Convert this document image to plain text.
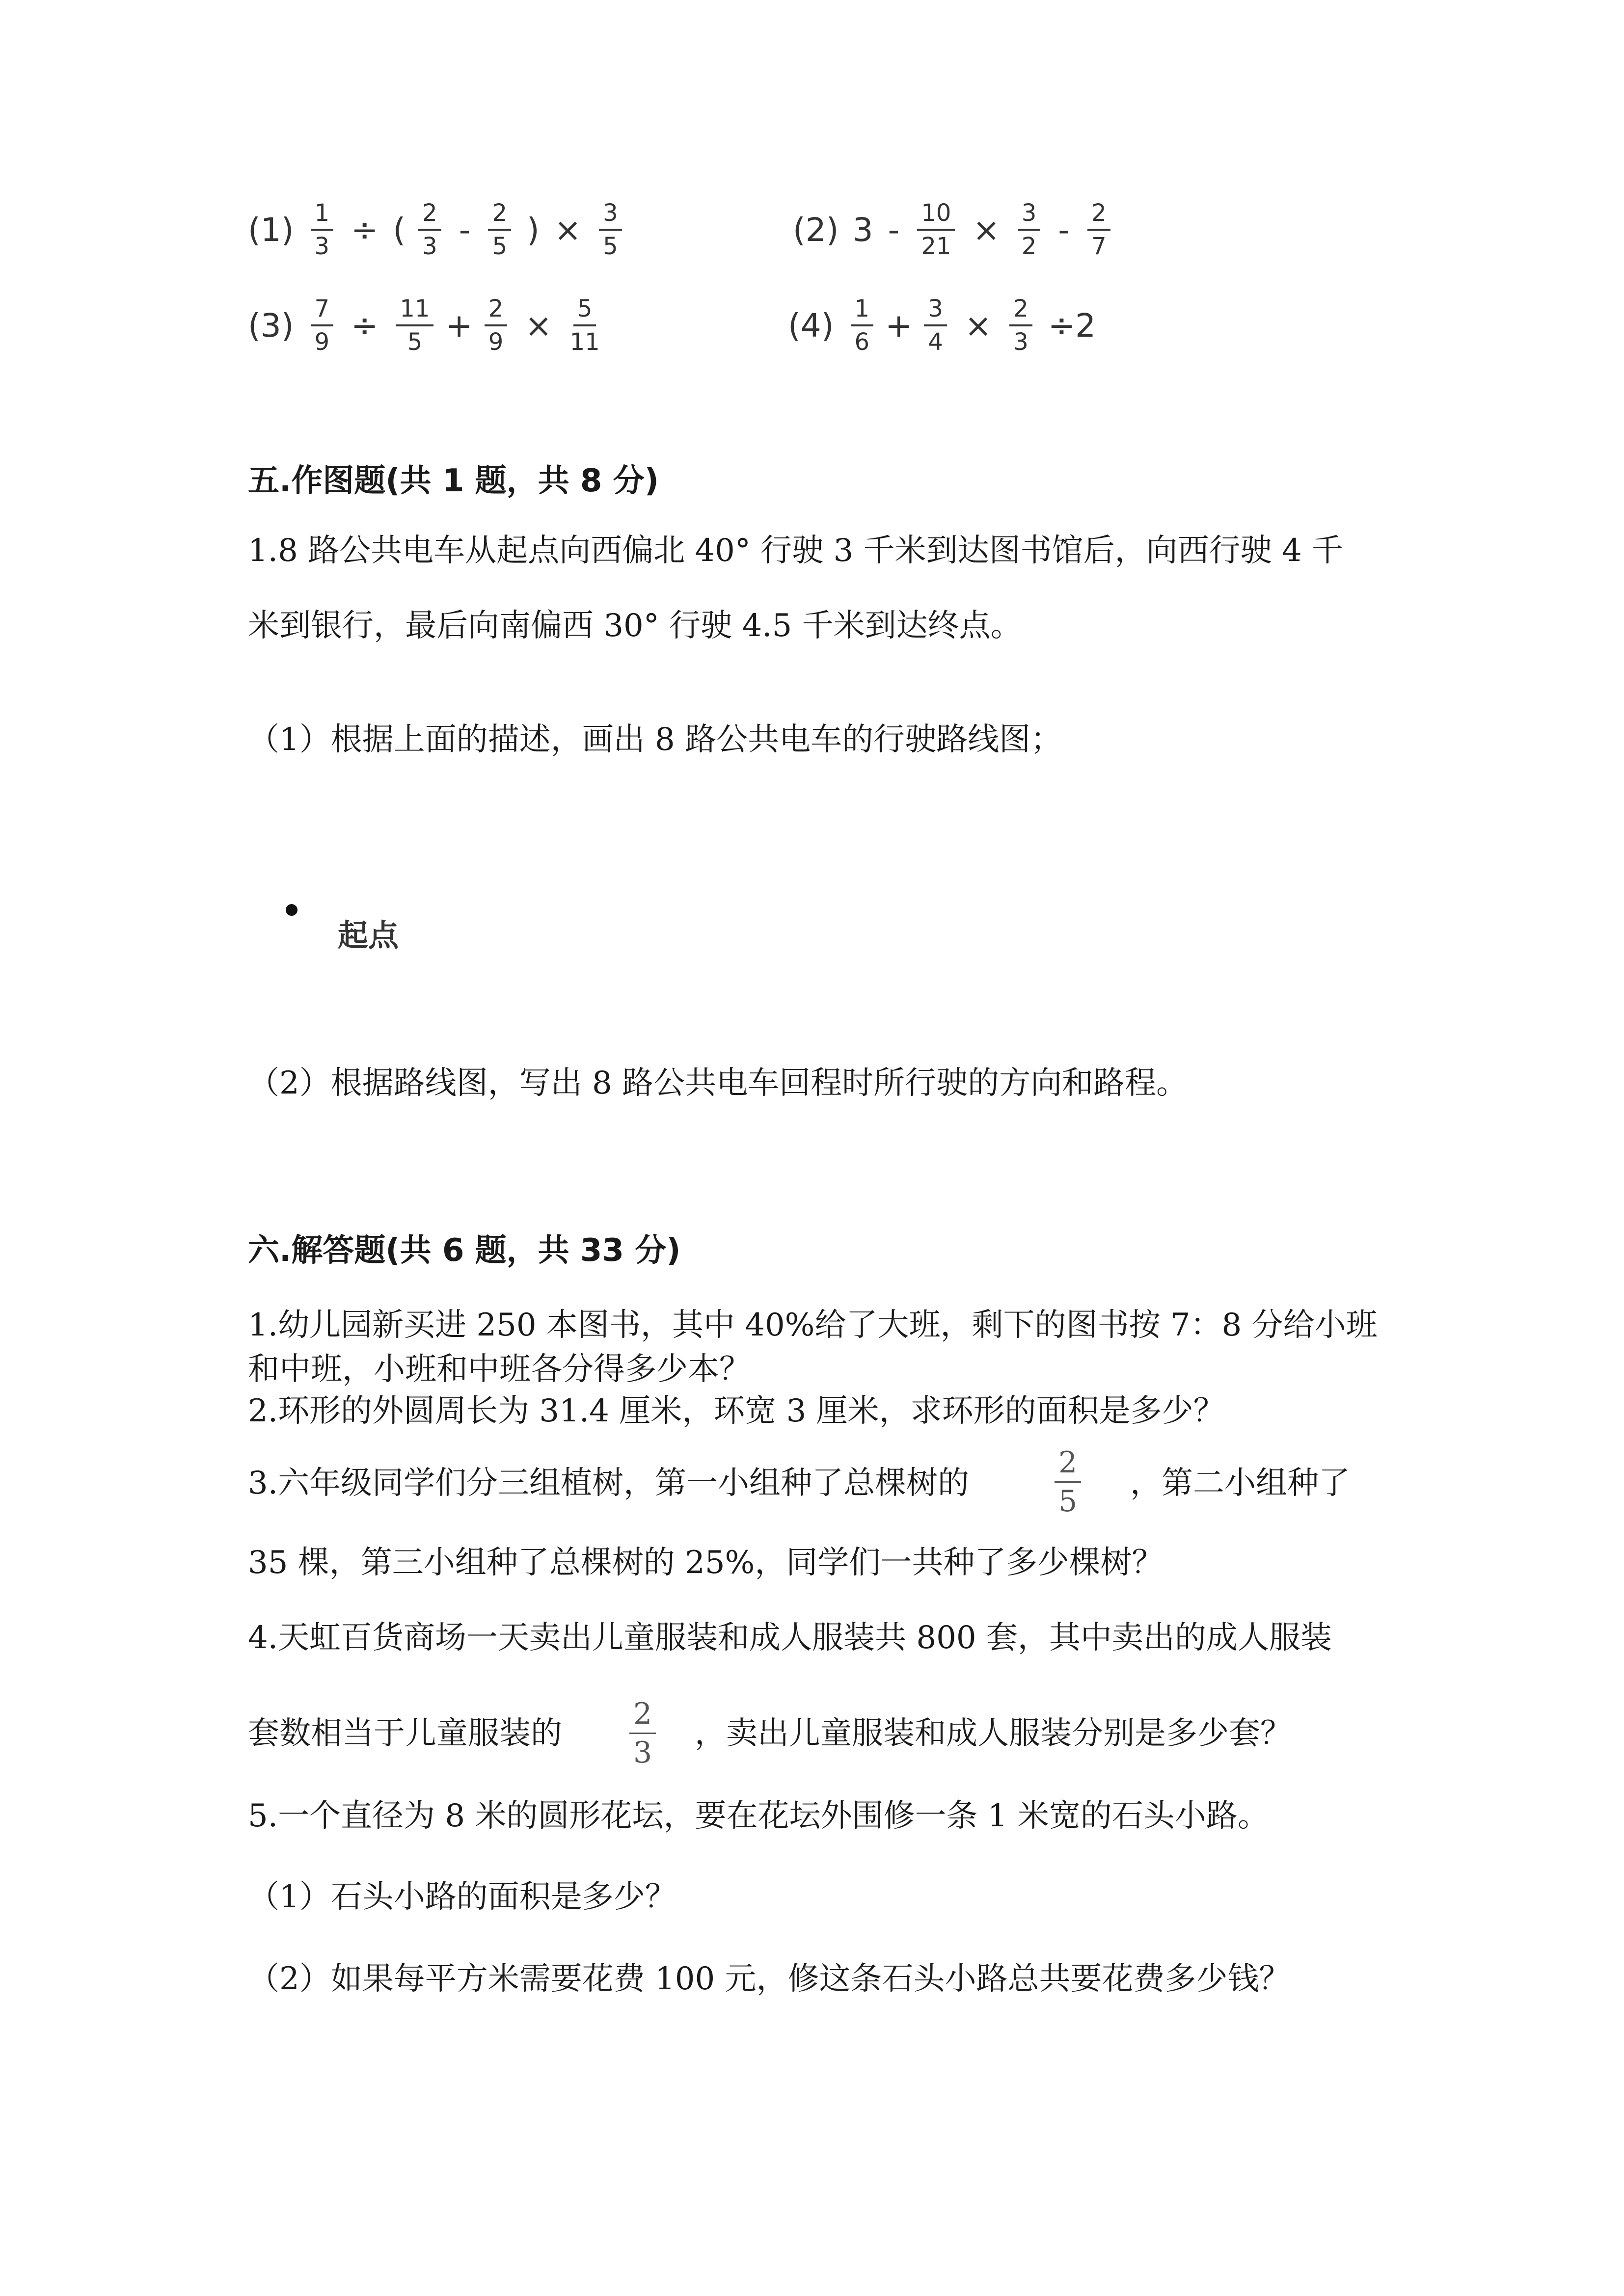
$(1) \frac{1}{3}$ ÷ ( $\frac{2}{3} - \frac{2}{5}$ ) × $\frac{3}{5}$	(2) $3 - \frac{10}{21} \times \frac{3}{2} - \frac{2}{7}$
$(3) \frac{7}{9} \div \frac{11}{5} + \frac{2}{9} \times \frac{5}{11}$	$(4) \frac{1}{6} + \frac{3}{4} \times \frac{2}{3} \div 2$
五.作图题(共 1 题，共 8 分)
1.8 路公共电车从起点向西偏北 40° 行驶 3 千米到达图书馆后，向西行驶 4 千
米到银行，最后向南偏西 30° 行驶 4.5 千米到达终点。
（1）根据上面的描述，画出 8 路公共电车的行驶路线图；
起点
（2）根据路线图，写出 8 路公共电车回程时所行驶的方向和路程。
六.解答题(共 6 题，共 33 分)
1.幼儿园新买进 250 本图书，其中 40%给了大班，剩下的图书按 7：8 分给小班
和中班，小班和中班各分得多少本？
2.环形的外圆周长为 31.4 厘米，环宽 3 厘米，求环形的面积是多少？
3.六年级同学们分三组植树，第一小组种了总棵树的	$\frac{2}{5}$ ，第二小组种了
35 棵，第三小组种了总棵树的 25%，同学们一共种了多少棵树？
4.天虹百货商场一天卖出儿童服装和成人服装共 800 套，其中卖出的成人服装
套数相当于儿童服装的 $\frac{2}{3}$ ，卖出儿童服装和成人服装分别是多少套？
5.一个直径为 8 米的圆形花坛，要在花坛外围修一条 1 米宽的石头小路。
（1）石头小路的面积是多少？
（2）如果每平方米需要花费 100 元，修这条石头小路总共要花费多少钱？
